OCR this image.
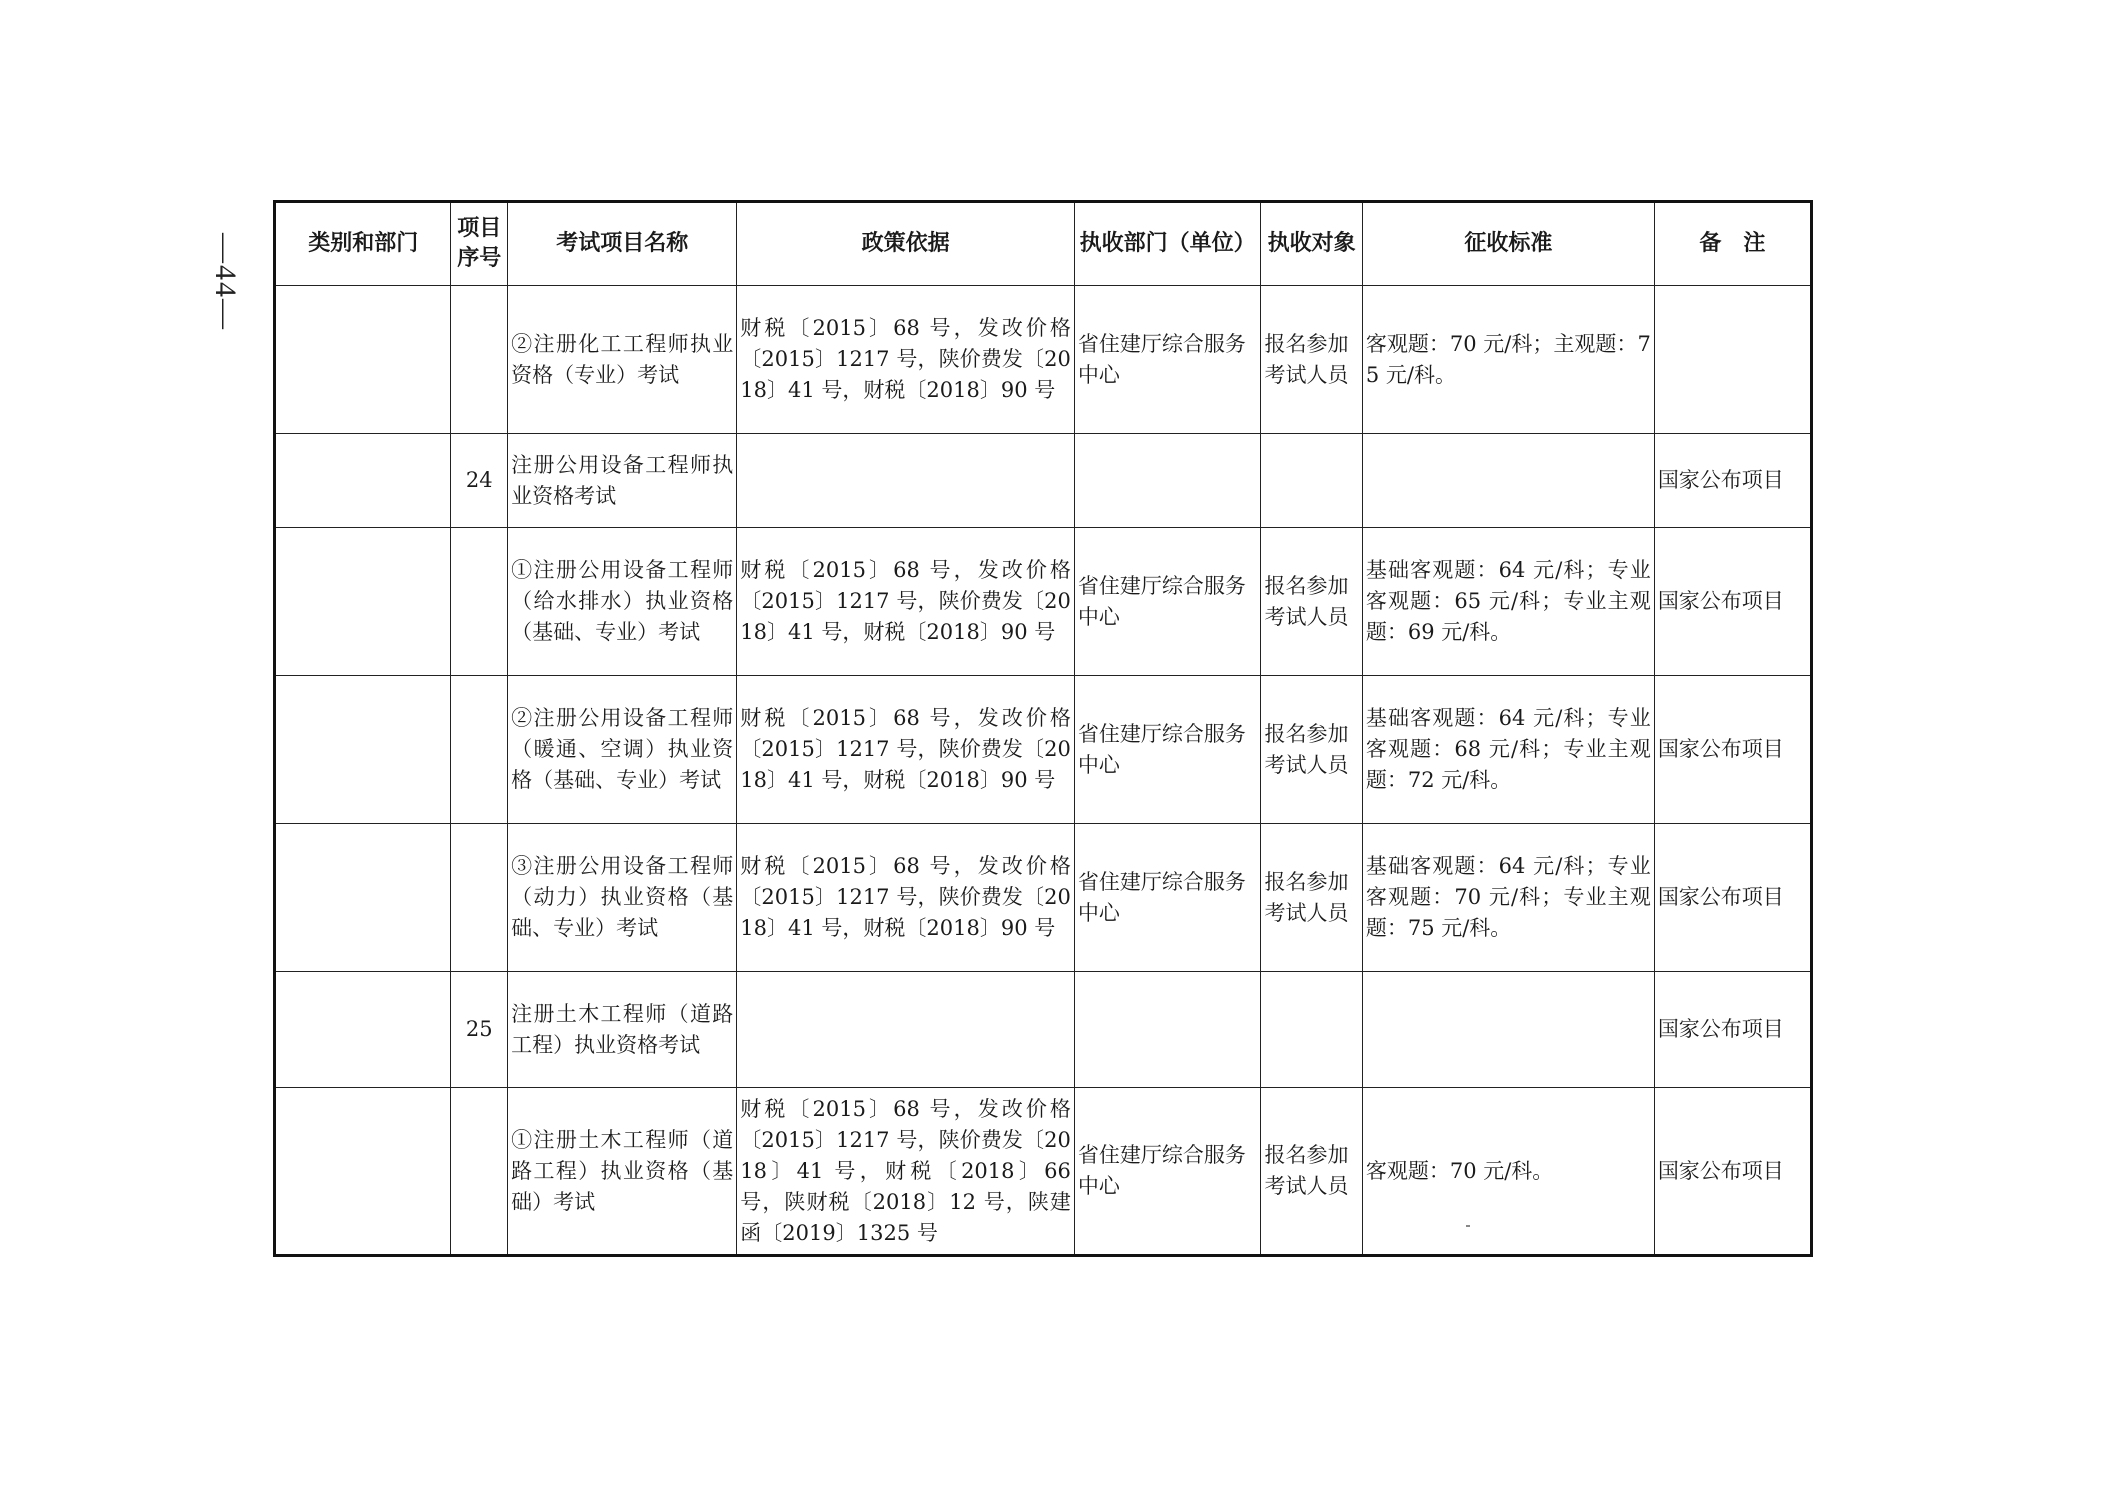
—44—	类别和部门	项目序号	考试项目名称	政策依据	执收部门（单位）	执收对象	征收标准	备　注
		②注册化工工程师执业资格（专业）考试	财税〔2015〕68 号，发改价格〔2015〕1217 号，陕价费发〔2018〕41 号，财税〔2018〕90 号	省住建厅综合服务中心	报名参加考试人员	客观题：70 元/科；主观题：75 元/科。	
	24	注册公用设备工程师执业资格考试					国家公布项目
		①注册公用设备工程师（给水排水）执业资格（基础、专业）考试	财税〔2015〕68 号，发改价格〔2015〕1217 号，陕价费发〔2018〕41 号，财税〔2018〕90 号	省住建厅综合服务中心	报名参加考试人员	基础客观题：64 元/科；专业客观题：65 元/科；专业主观题：69 元/科。	国家公布项目
		②注册公用设备工程师（暖通、空调）执业资格（基础、专业）考试	财税〔2015〕68 号，发改价格〔2015〕1217 号，陕价费发〔2018〕41 号，财税〔2018〕90 号	省住建厅综合服务中心	报名参加考试人员	基础客观题：64 元/科；专业客观题：68 元/科；专业主观题：72 元/科。	国家公布项目
		③注册公用设备工程师（动力）执业资格（基础、专业）考试	财税〔2015〕68 号，发改价格〔2015〕1217 号，陕价费发〔2018〕41 号，财税〔2018〕90 号	省住建厅综合服务中心	报名参加考试人员	基础客观题：64 元/科；专业客观题：70 元/科；专业主观题：75 元/科。	国家公布项目
	25	注册土木工程师（道路工程）执业资格考试					国家公布项目
		①注册土木工程师（道路工程）执业资格（基础）考试	财税〔2015〕68 号，发改价格〔2015〕1217 号，陕价费发〔2018〕41 号，财税〔2018〕66 号，陕财税〔2018〕12 号，陕建函〔2019〕1325 号	省住建厅综合服务中心	报名参加考试人员	客观题：70 元/科。	国家公布项目
